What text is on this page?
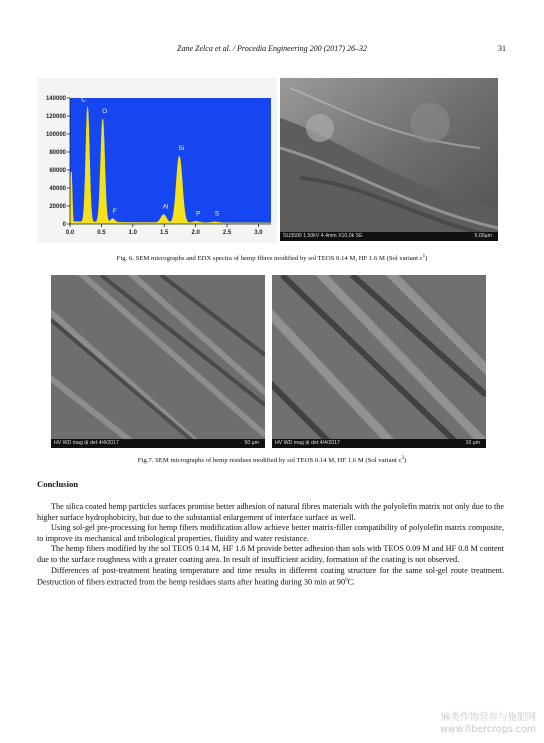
Zane Zelca et al. / Procedia Engineering 200 (2017) 26–32	31
0
20000
40000
60000
80000
100000
120000
140000
0.0	0.5	1.0	1.5	2.0	2.5	3.0
C
O
F
Al
Si
P S
SU3500 1.50kV 4.4mm X10.0k SE	5.00µm
Fig. 6. SEM micrographs and EDX spectra of hemp fibres modified by sol TEOS 0.14 M, HF 1.6 M (Sol variant $c^1$)
HV WD mag ⊞ det 4/4/2017	50 µm	HV WD mag ⊞ det 4/4/2017	10 µm
Fig.7. SEM micrographs of hemp residues modified by sol TEOS 0.14 M, HF 1.6 M (Sol variant $c^3$)
Conclusion

The silica coated hemp particles surfaces promise better adhesion of natural fibres materials with the polyolefin matrix not only due to the higher surface hydrophobicity, but due to the substantial enlargement of interface surface as well.

Using sol-gel pre-processing for hemp fibers modification allow achieve better matrix-filler compatibility of polyolefin matrix composite, to improve its mechanical and tribological properties, fluidity and water resistance.

The hemp fibers modified by the sol TEOS 0.14 M, HF 1.6 M provide better adhesion than sols with TEOS 0.09 M and HF 0.8 M content due to the surface roughness with a greater coating area. In result of insufficient acidity, formation of the coating is not observed.

Differences of post-treatment heating temperature and time results in different coating structure for the same sol-gel route treatment. Destruction of fibers extracted from the hemp residues starts after heating during 30 min at $90^0C$.

麻类作物营养与施肥网
www.fibercrops.com
